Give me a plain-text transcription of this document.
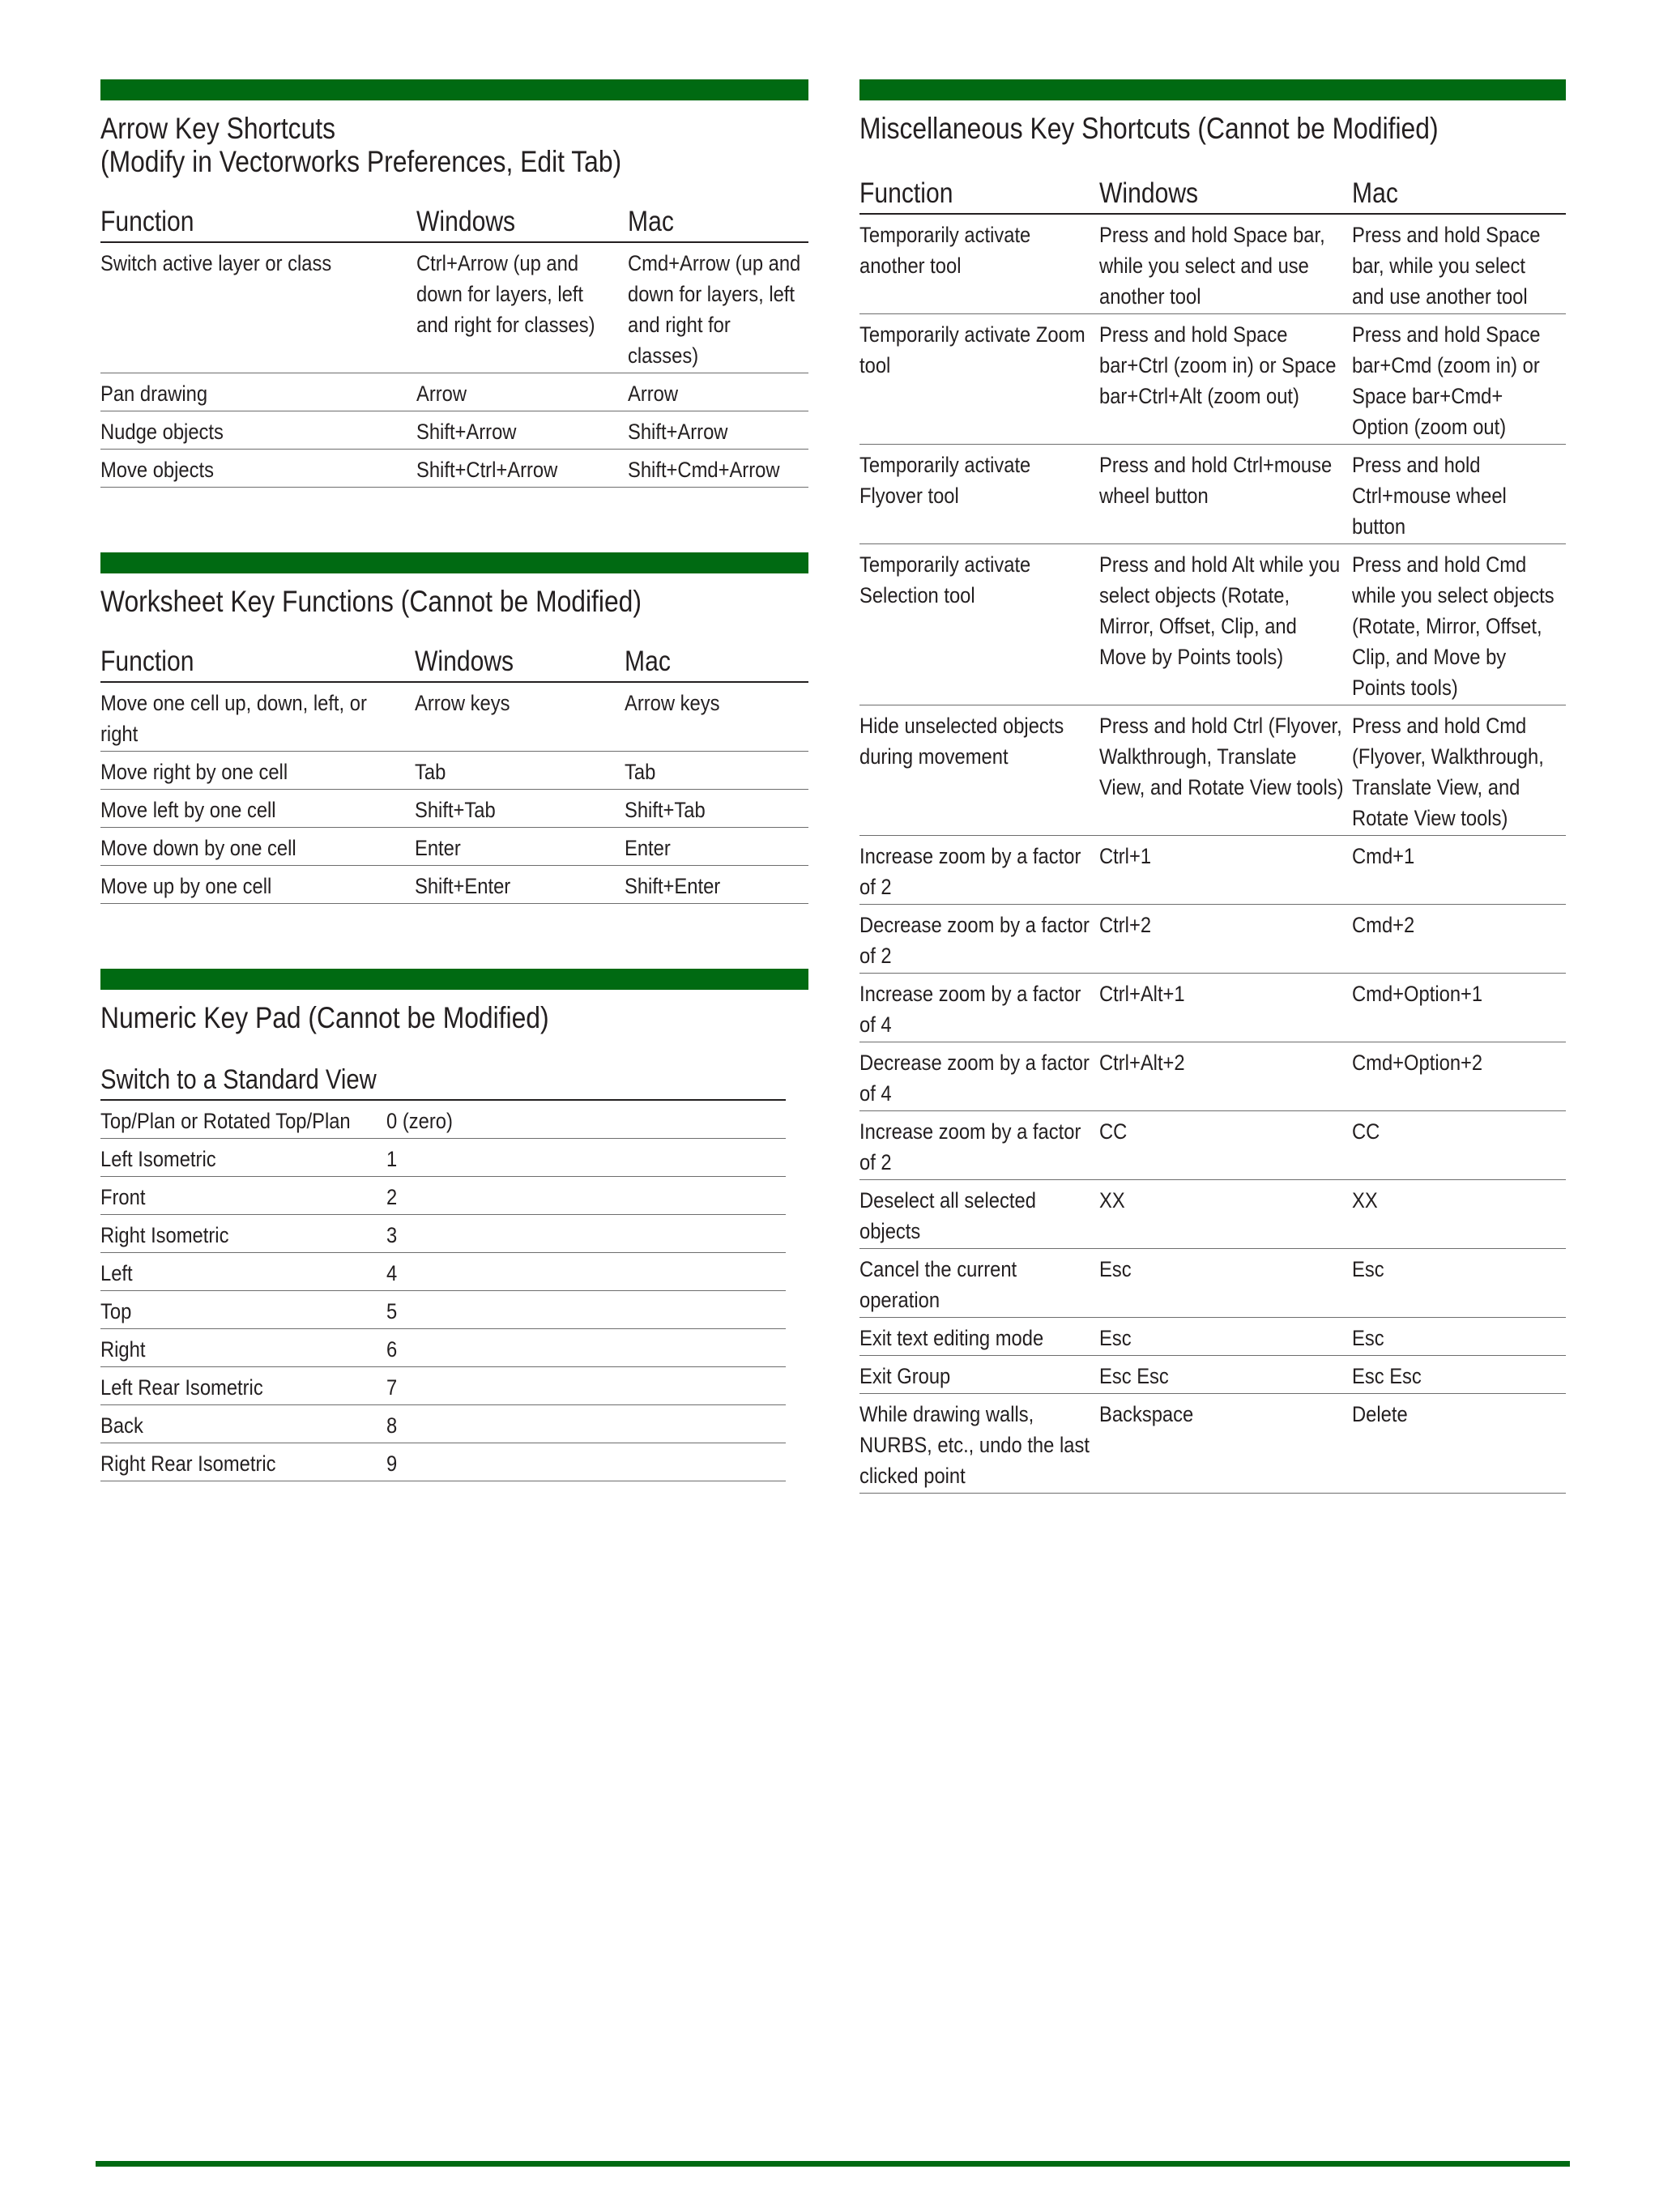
Arrow Key Shortcuts
(Modify in Vectorworks Preferences, Edit Tab)
Function	Windows	Mac

Switch active layer or class	Ctrl+Arrow (up and down for layers, left and right for classes)	Cmd+Arrow (up and down for layers, left and right for classes)

Pan drawing	Arrow	Arrow

Nudge objects	Shift+Arrow	Shift+Arrow

Move objects	Shift+Ctrl+Arrow	Shift+Cmd+Arrow
Worksheet Key Functions (Cannot be Modified)
Function	Windows	Mac

Move one cell up, down, left, or right	Arrow keys	Arrow keys

Move right by one cell	Tab	Tab

Move left by one cell	Shift+Tab	Shift+Tab

Move down by one cell	Enter	Enter

Move up by one cell	Shift+Enter	Shift+Enter
Numeric Key Pad (Cannot be Modified)
Switch to a Standard View
Top/Plan or Rotated Top/Plan	0 (zero)

Left Isometric	1

Front	2

Right Isometric	3

Left	4

Top	5

Right	6

Left Rear Isometric	7

Back	8

Right Rear Isometric	9
Miscellaneous Key Shortcuts (Cannot be Modified)
Function	Windows	Mac

Temporarily activate another tool	Press and hold Space bar, while you select and use another tool	Press and hold Space bar, while you select and use another tool

Temporarily activate Zoom tool	Press and hold Space bar+Ctrl (zoom in) or Space bar+Ctrl+Alt (zoom out)	Press and hold Space bar+Cmd (zoom in) or Space bar+Cmd+ Option (zoom out)

Temporarily activate Flyover tool	Press and hold Ctrl+mouse wheel button	Press and hold Ctrl+mouse wheel button

Temporarily activate Selection tool	Press and hold Alt while you select objects (Rotate, Mirror, Offset, Clip, and Move by Points tools)	Press and hold Cmd while you select objects (Rotate, Mirror, Offset, Clip, and Move by Points tools)

Hide unselected objects during movement	Press and hold Ctrl (Flyover, Walkthrough, Translate View, and Rotate View tools)	Press and hold Cmd (Flyover, Walkthrough, Translate View, and Rotate View tools)

Increase zoom by a factor of 2	Ctrl+1	Cmd+1

Decrease zoom by a factor of 2	Ctrl+2	Cmd+2

Increase zoom by a factor of 4	Ctrl+Alt+1	Cmd+Option+1

Decrease zoom by a factor of 4	Ctrl+Alt+2	Cmd+Option+2

Increase zoom by a factor of 2	CC	CC

Deselect all selected objects	XX	XX

Cancel the current operation	Esc	Esc

Exit text editing mode	Esc	Esc

Exit Group	Esc Esc	Esc Esc

While drawing walls, NURBS, etc., undo the last clicked point	Backspace	Delete
